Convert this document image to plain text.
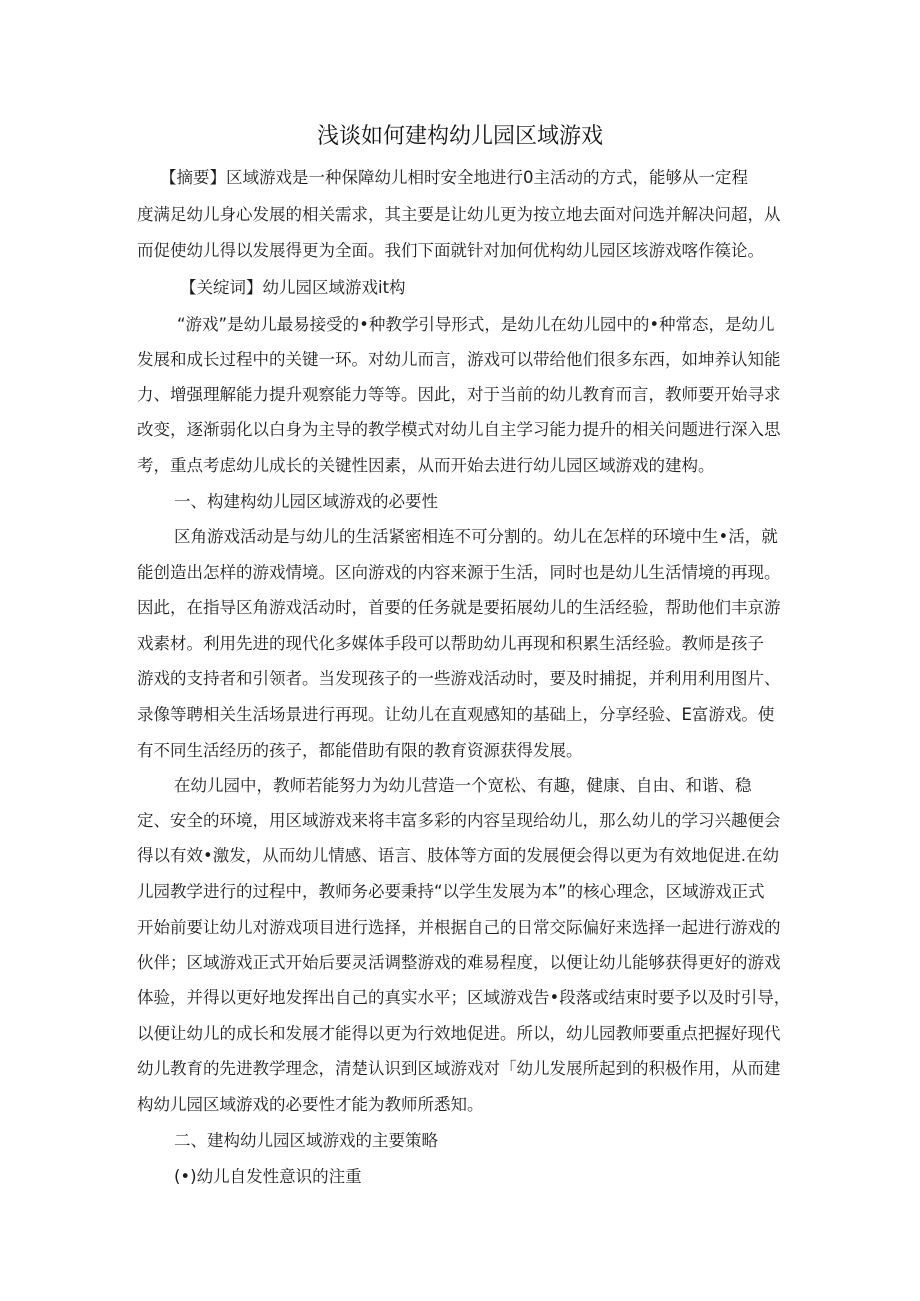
浅谈如何建构幼儿园区域游戏
【摘要】区域游戏是一种保障幼儿相时安全地进行0主活动的方式，能够从一定程
度满足幼儿身心发展的相关需求，其主要是让幼儿更为按立地去面对问选并解决问超，从
而促使幼儿得以发展得更为全面。我们下面就针对加何优构幼儿园区垓游戏喀作篌论。
【关绽词】幼儿园区域游戏it构
“游戏”是幼儿最易接受的•种教学引导形式，是幼儿在幼儿园中的•种常态，是幼儿
发展和成长过程中的关键一环。对幼儿而言，游戏可以带给他们很多东西，如坤养认知能
力、增强理解能力提升观察能力等等。因此，对于当前的幼儿教育而言，教师要开始寻求
改变，逐渐弱化以白身为主导的教学模式对幼儿自主学习能力提升的相关问题进行深入思
考，重点考虑幼儿成长的关键性因素，从而开始去进行幼儿园区域游戏的建构。
一、构建构幼儿园区域游戏的必要性
区角游戏活动是与幼儿的生活紧密相连不可分割的。幼儿在怎样的环境中生•活，就
能创造出怎样的游戏情境。区向游戏的内容来源于生活，同时也是幼儿生活情境的再现。
因此，在指导区角游戏活动时，首要的任务就是要拓展幼儿的生活经验，帮助他们丰京游
戏素材。利用先进的现代化多媒体手段可以帮助幼儿再现和积累生活经验。教师是孩子
游戏的支持者和引领者。当发现孩子的一些游戏活动时，要及时捕捉，并利用利用图片、
录像等聘相关生活场景进行再现。让幼儿在直观感知的基础上，分享经验、E富游戏。使
有不同生活经历的孩子，都能借助有限的教育资源获得发展。
在幼儿园中，教师若能努力为幼儿营造一个宽松、有趣，健康、自由、和谐、稳
定、安全的环境，用区域游戏来将丰富多彩的内容呈现给幼儿，那么幼儿的学习兴趣便会
得以有效•激发，从而幼儿情感、语言、肢体等方面的发展便会得以更为有效地促进.在幼
儿园教学进行的过程中，教师务必要秉持“以学生发展为本”的核心理念，区域游戏正式
开始前要让幼儿对游戏项目进行选择，并根据自己的日常交际偏好来选择一起进行游戏的
伙伴；区域游戏正式开始后要灵活调整游戏的难易程度，以便让幼儿能够获得更好的游戏
体验，并得以更好地发挥出自己的真实水平；区域游戏告•段落或结束时要予以及时引导，
以便让幼儿的成长和发展才能得以更为行效地促进。所以，幼儿园教师要重点把握好现代
幼儿教育的先进教学理念，清楚认识到区域游戏对「幼儿发展所起到的积极作用，从而建
构幼儿园区域游戏的必要性才能为教师所悉知。
二、建构幼儿园区域游戏的主要策略
(•)幼儿自发性意识的注重
